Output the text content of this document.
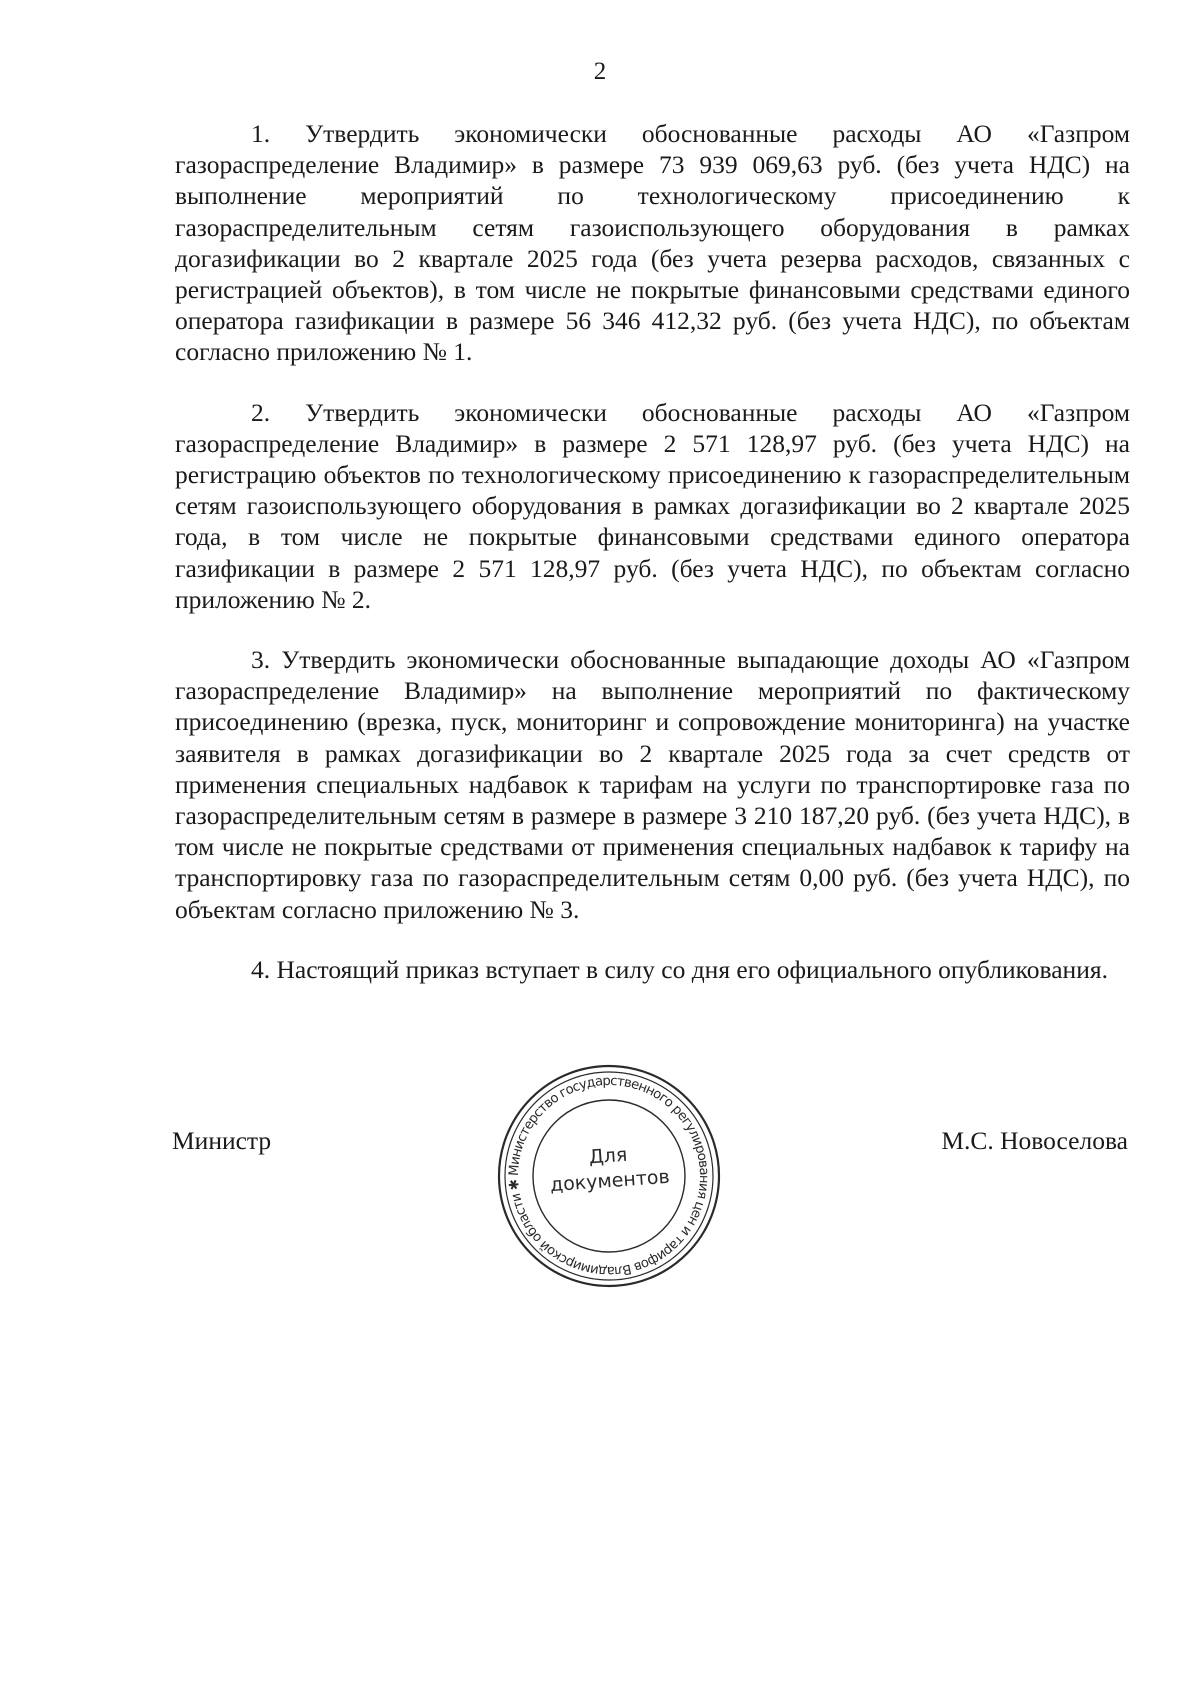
2

1. Утвердить экономически обоснованные расходы АО «Газпром газораспределение Владимир» в размере 73 939 069,63 руб. (без учета НДС) на выполнение мероприятий по технологическому присоединению к газораспределительным сетям газоиспользующего оборудования в рамках догазификации во 2 квартале 2025 года (без учета резерва расходов, связанных с регистрацией объектов), в том числе не покрытые финансовыми средствами единого оператора газификации в размере 56 346 412,32 руб. (без учета НДС), по объектам согласно приложению № 1.

2. Утвердить экономически обоснованные расходы АО «Газпром газораспределение Владимир» в размере 2 571 128,97 руб. (без учета НДС) на регистрацию объектов по технологическому присоединению к газораспределительным сетям газоиспользующего оборудования в рамках догазификации во 2 квартале 2025 года, в том числе не покрытые финансовыми средствами единого оператора газификации в размере 2 571 128,97 руб. (без учета НДС), по объектам согласно приложению № 2.

3. Утвердить экономически обоснованные выпадающие доходы АО «Газпром газораспределение Владимир» на выполнение мероприятий по фактическому присоединению (врезка, пуск, мониторинг и сопровождение мониторинга) на участке заявителя в рамках догазификации во 2 квартале 2025 года за счет средств от применения специальных надбавок к тарифам на услуги по транспортировке газа по газораспределительным сетям в размере в размере 3 210 187,20 руб. (без учета НДС), в том числе не покрытые средствами от применения специальных надбавок к тарифу на транспортировку газа по газораспределительным сетям 0,00 руб. (без учета НДС), по объектам согласно приложению № 3.

4. Настоящий приказ вступает в силу со дня его официального опубликования.

Министр	М.С. Новоселова
Министерство государственного регулирования цен и тарифов Владимирской области ✱
Для
документов
